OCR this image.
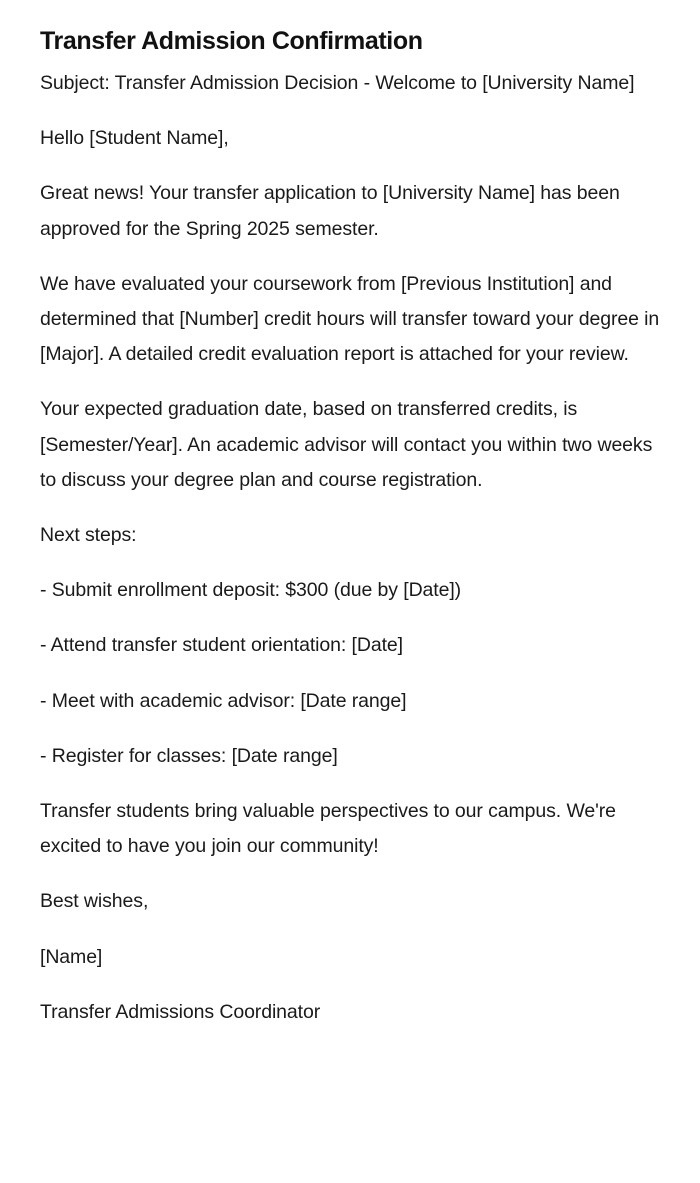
Transfer Admission Confirmation

Subject: Transfer Admission Decision - Welcome to [University Name]

Hello [Student Name],

Great news! Your transfer application to [University Name] has been approved for the Spring 2025 semester.

We have evaluated your coursework from [Previous Institution] and determined that [Number] credit hours will transfer toward your degree in [Major]. A detailed credit evaluation report is attached for your review.

Your expected graduation date, based on transferred credits, is [Semester/Year]. An academic advisor will contact you within two weeks to discuss your degree plan and course registration.

Next steps:

- Submit enrollment deposit: $300 (due by [Date])

- Attend transfer student orientation: [Date]

- Meet with academic advisor: [Date range]

- Register for classes: [Date range]

Transfer students bring valuable perspectives to our campus. We're excited to have you join our community!

Best wishes,

[Name]

Transfer Admissions Coordinator
